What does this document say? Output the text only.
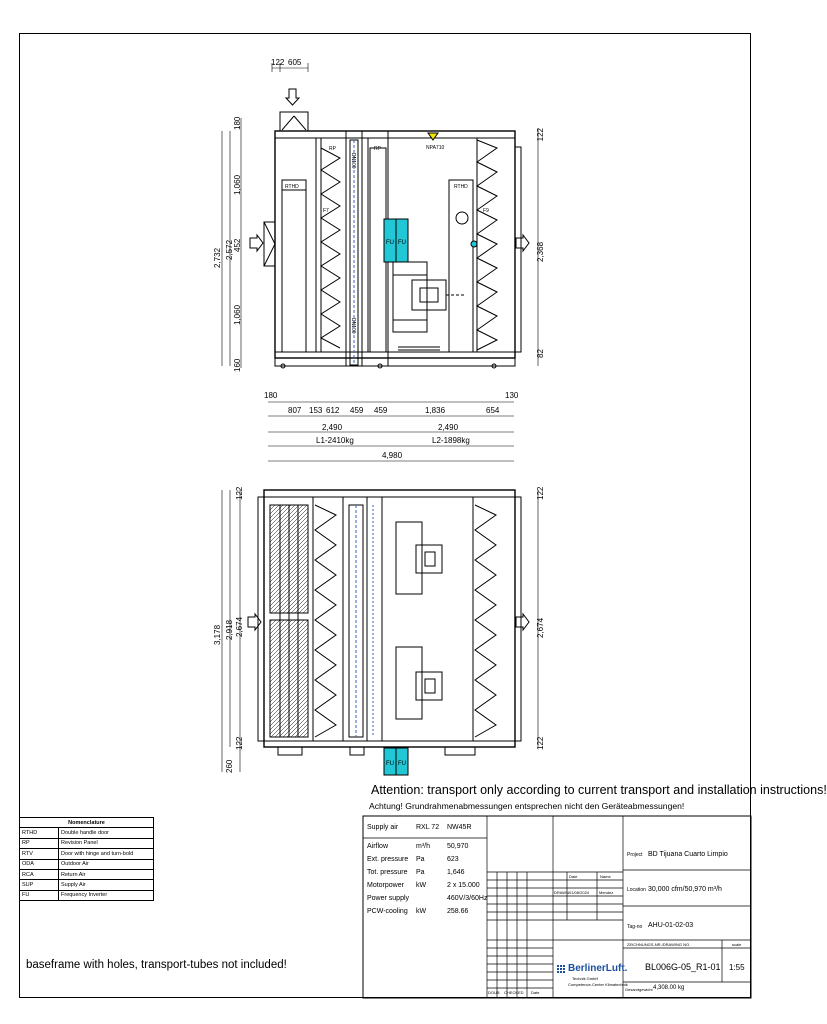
RTHD	RTHD
RP	RP
F7	F9
NPA710
DN100
DN100
FU FU
122 605
180
1,060
452
1,060
160
2,732 2,572
122
2,368
82
180	130
807 153 612 459 459	1,836	654
2,490	2,490
L1-2410kg	L2-1898kg
4,980
3,178 2,918 2,674
122
122
260
122
2,674
122
FU FU
Attention: transport only according to current transport and installation instructions!
Achtung! Grundrahmenabmessungen entsprechen nicht den Geräteabmessungen!
baseframe with holes, transport-tubes not included!
Nomenclature	
RTHD	Double handle door
RP	Revision Panel
RTV	Door with hinge and turn-bold
ODA	Outdoor Air
RCA	Return Air
SUP	Supply Air
FU	Frequency Inverter
Supply air	RXL 72 NW45R
Airflow	m³/h 50,970
Ext. pressure Pa	623
Tot. pressure Pa	1,646
Motorpower kW	2 x 15.000
Power supply	460V/3/60Hz
PCW-cooling kW	258.66
Date	Name
DRAWN 01/08/2024 Mendez
DOUB CHECKED Date
Project BD Tijuana Cuarto Limpio
Location 30,000 cfm/50,970 m³/h
Tag-no AHU-01-02-03
ZEICHNUNGS-NR./DRAWING NO.	scale
BL006G-05_R1-01 1:55
Gesamtgewicht 4,308.00 kg
BerlinerLuft.
Technik GmbH
Competence-Center Klimatechnik
